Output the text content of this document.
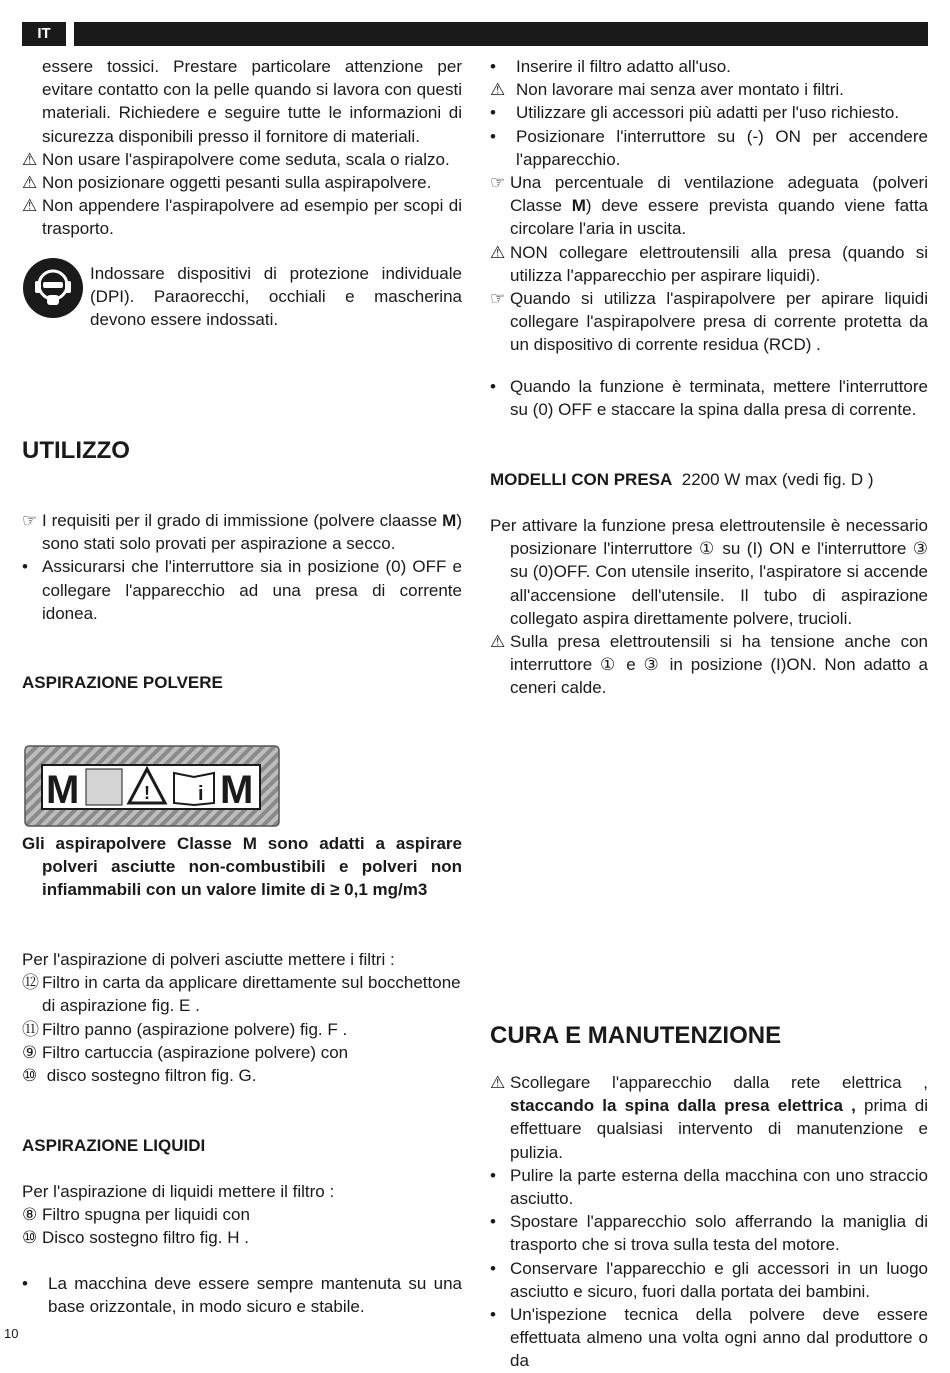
IT

essere tossici. Prestare particolare attenzione per evitare contatto con la pelle quando si lavora con questi materiali. Richiedere e seguire tutte le informazioni di sicurezza disponibili presso il fornitore di materiali.

⚠ Non usare l'aspirapolvere come seduta, scala o rialzo.

⚠ Non posizionare oggetti pesanti sulla aspirapolvere.

⚠ Non appendere l'aspirapolvere ad esempio per scopi di trasporto.

Indossare dispositivi di protezione individuale (DPI). Paraorecchi, occhiali e mascherina devono essere indossati.

UTILIZZO

☞ I requisiti per il grado di immissione (polvere claasse M) sono stati solo provati per aspirazione a secco.

• Assicurarsi che l'interruttore sia in posizione (0) OFF e collegare l'apparecchio ad una presa di corrente idonea.

ASPIRAZIONE POLVERE
M	! i M

Gli aspirapolvere Classe M sono adatti a aspirare polveri asciutte non-combustibili e polveri non infiammabili con un valore limite di ≥ 0,1 mg/m3

Per l'aspirazione di polveri asciutte mettere i filtri :

⑫ Filtro in carta da applicare direttamente sul bocchettone di aspirazione fig. E .

⑪ Filtro panno (aspirazione polvere) fig. F .

⑨ Filtro cartuccia (aspirazione polvere) con

⑩ disco sostegno filtron fig. G.

ASPIRAZIONE LIQUIDI

Per l'aspirazione di liquidi mettere il filtro :

⑧ Filtro spugna per liquidi con

⑩ Disco sostegno filtro fig. H .

• La macchina deve essere sempre mantenuta su una base orizzontale, in modo sicuro e stabile.

10

• Inserire il filtro adatto all'uso.

⚠ Non lavorare mai senza aver montato i filtri.

• Utilizzare gli accessori più adatti per l'uso richiesto.

• Posizionare l'interruttore su (-) ON per accendere l'apparecchio.

☞ Una percentuale di ventilazione adeguata (polveri Classe M) deve essere prevista quando viene fatta circolare l'aria in uscita.

⚠ NON collegare elettroutensili alla presa (quando si utilizza l'apparecchio per aspirare liquidi).

☞ Quando si utilizza l'aspirapolvere per apirare liquidi collegare l'aspirapolvere presa di corrente protetta da un dispositivo di corrente residua (RCD) .

• Quando la funzione è terminata, mettere l'interruttore su (0) OFF e staccare la spina dalla presa di corrente.

MODELLI CON PRESA 2200 W max (vedi fig. D )

Per attivare la funzione presa elettroutensile è necessario posizionare l'interruttore ① su (I) ON e l'interruttore ③ su (0)OFF. Con utensile inserito, l'aspiratore si accende all'accensione dell'utensile. Il tubo di aspirazione collegato aspira direttamente polvere, trucioli.

⚠ Sulla presa elettroutensili si ha tensione anche con interruttore ① e ③ in posizione (I)ON. Non adatto a ceneri calde.

CURA E MANUTENZIONE

⚠ Scollegare l'apparecchio dalla rete elettrica , staccando la spina dalla presa elettrica , prima di effettuare qualsiasi intervento di manutenzione e pulizia.

• Pulire la parte esterna della macchina con uno straccio asciutto.

• Spostare l'apparecchio solo afferrando la maniglia di trasporto che si trova sulla testa del motore.

• Conservare l'apparecchio e gli accessori in un luogo asciutto e sicuro, fuori dalla portata dei bambini.

• Un'ispezione tecnica della polvere deve essere effettuata almeno una volta ogni anno dal produttore o da
